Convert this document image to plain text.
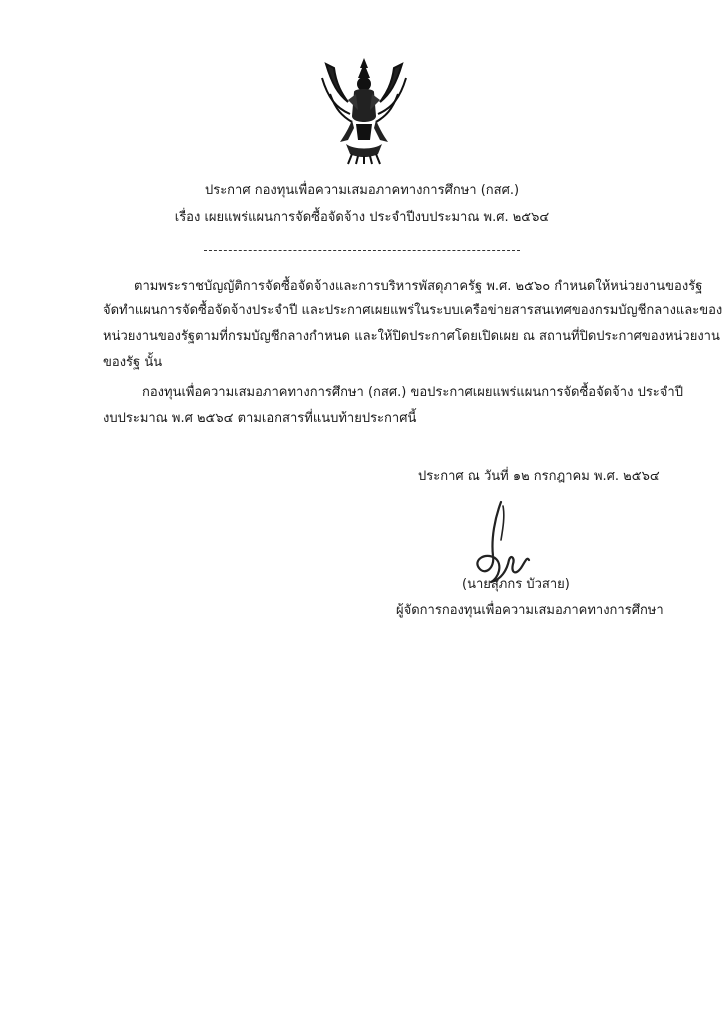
ประกาศ กองทุนเพื่อความเสมอภาคทางการศึกษา (กสศ.)
เรื่อง เผยแพร่แผนการจัดซื้อจัดจ้าง ประจำปีงบประมาณ พ.ศ. ๒๕๖๔
ตามพระราชบัญญัติการจัดซื้อจัดจ้างและการบริหารพัสดุภาครัฐ พ.ศ. ๒๕๖๐ กำหนดให้หน่วยงานของรัฐ
จัดทำแผนการจัดซื้อจัดจ้างประจำปี และประกาศเผยแพร่ในระบบเครือข่ายสารสนเทศของกรมบัญชีกลางและของ
หน่วยงานของรัฐตามที่กรมบัญชีกลางกำหนด และให้ปิดประกาศโดยเปิดเผย ณ สถานที่ปิดประกาศของหน่วยงาน
ของรัฐ นั้น
กองทุนเพื่อความเสมอภาคทางการศึกษา (กสศ.) ขอประกาศเผยแพร่แผนการจัดซื้อจัดจ้าง ประจำปี
งบประมาณ พ.ศ ๒๕๖๔ ตามเอกสารที่แนบท้ายประกาศนี้
ประกาศ ณ วันที่ ๑๒ กรกฎาคม พ.ศ. ๒๕๖๔
(นายสุภกร บัวสาย)
ผู้จัดการกองทุนเพื่อความเสมอภาคทางการศึกษา
